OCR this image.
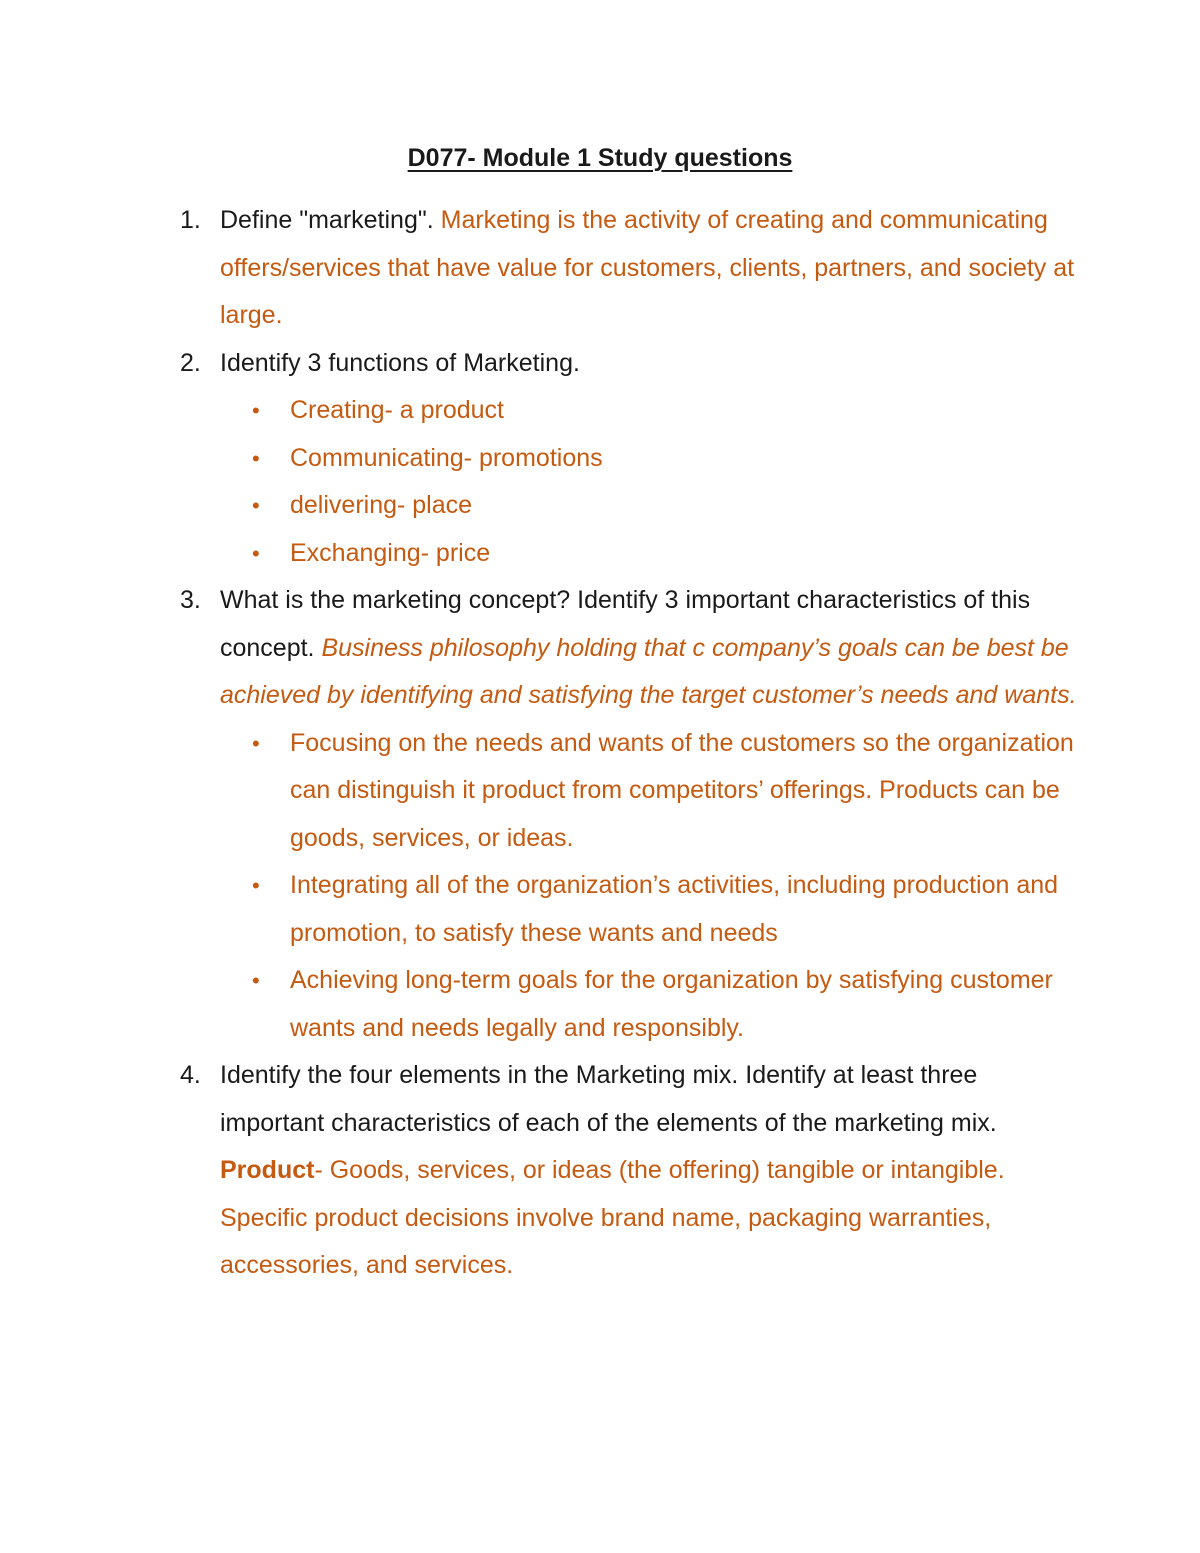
D077- Module 1 Study questions
1. Define "marketing". Marketing is the activity of creating and communicating offers/services that have value for customers, clients, partners, and society at large.
2. Identify 3 functions of Marketing.
• Creating- a product
• Communicating- promotions
• delivering- place
• Exchanging- price
3. What is the marketing concept? Identify 3 important characteristics of this concept. Business philosophy holding that c company’s goals can be best be achieved by identifying and satisfying the target customer’s needs and wants.
• Focusing on the needs and wants of the customers so the organization can distinguish it product from competitors’ offerings. Products can be goods, services, or ideas.
• Integrating all of the organization’s activities, including production and promotion, to satisfy these wants and needs
• Achieving long-term goals for the organization by satisfying customer wants and needs legally and responsibly.
4. Identify the four elements in the Marketing mix. Identify at least three important characteristics of each of the elements of the marketing mix. Product- Goods, services, or ideas (the offering) tangible or intangible. Specific product decisions involve brand name, packaging warranties, accessories, and services.
